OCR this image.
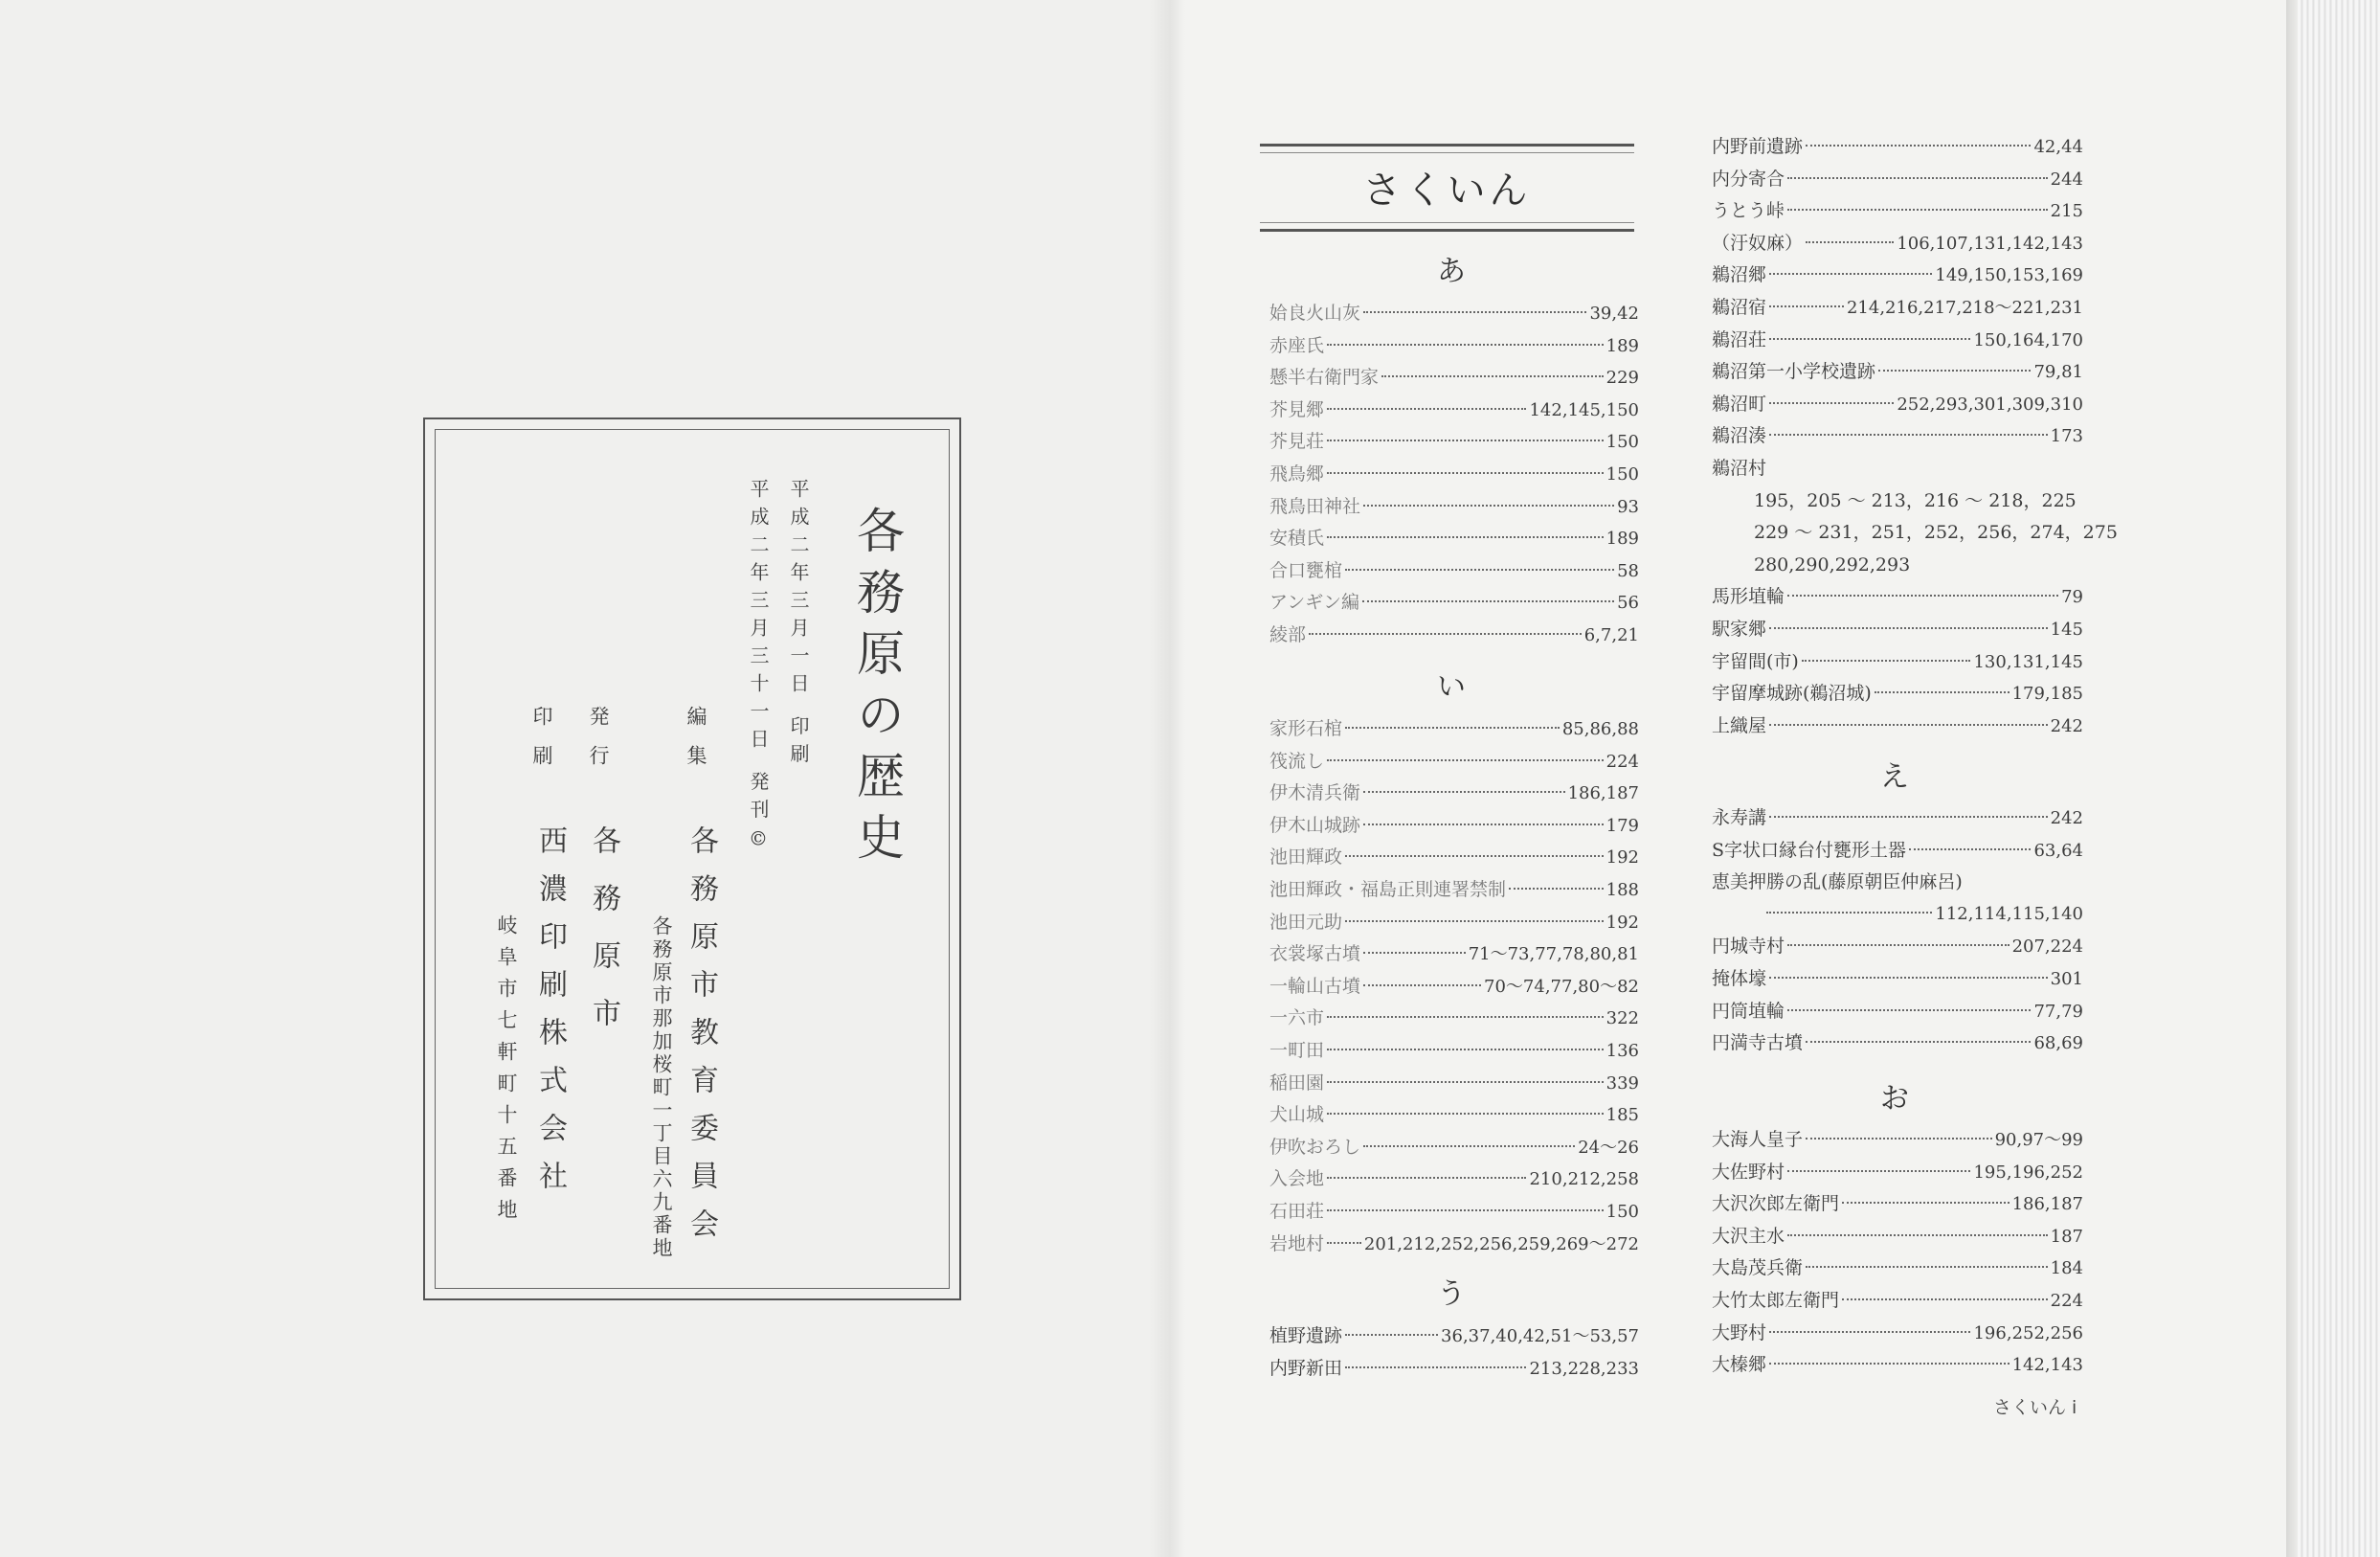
各務原の歴史
平成二年三月一日 印刷
平成二年三月三十一日 発刊©
編集
各務原市教育委員会
各務原市那加桜町一丁目六九番地
発行
各務原市
印刷
西濃印刷株式会社
岐阜市七軒町十五番地
さくいん
あ
姶良火山灰	39,42
赤座氏	189
懸半右衛門家	229
芥見郷	142,145,150
芥見荘	150
飛鳥郷	150
飛鳥田神社	93
安積氏	189
合口甕棺	58
アンギン編	56
綾部	6,7,21
い
家形石棺	85,86,88
筏流し	224
伊木清兵衛	186,187
伊木山城跡	179
池田輝政	192
池田輝政・福島正則連署禁制	188
池田元助	192
衣裳塚古墳	71～73,77,78,80,81
一輪山古墳	70～74,77,80～82
一六市	322
一町田	136
稲田園	339
犬山城	185
伊吹おろし	24～26
入会地	210,212,258
石田荘	150
岩地村 201,212,252,256,259,269～272
う
植野遺跡	36,37,40,42,51～53,57
内野新田	213,228,233
内野前遺跡	42,44
内分寄合	244
うとう峠	215
（汙奴麻）	106,107,131,142,143
鵜沼郷	149,150,153,169
鵜沼宿	214,216,217,218～221,231
鵜沼荘	150,164,170
鵜沼第一小学校遺跡	79,81
鵜沼町	252,293,301,309,310
鵜沼湊	173
鵜沼村
195，205 ～ 213，216 ～ 218，225
229 ～ 231，251，252，256，274，275
280,290,292,293
馬形埴輪	79
駅家郷	145
宇留間(市)	130,131,145
宇留摩城跡(鵜沼城)	179,185
上織屋	242
え
永寿講	242
S字状口縁台付甕形土器	63,64
恵美押勝の乱(藤原朝臣仲麻呂)
112,114,115,140
円城寺村	207,224
掩体壕	301
円筒埴輪	77,79
円満寺古墳	68,69
お
大海人皇子	90,97～99
大佐野村	195,196,252
大沢次郎左衛門	186,187
大沢主水	187
大島茂兵衛	184
大竹太郎左衛門	224
大野村	196,252,256
大榛郷	142,143
さくいん i
